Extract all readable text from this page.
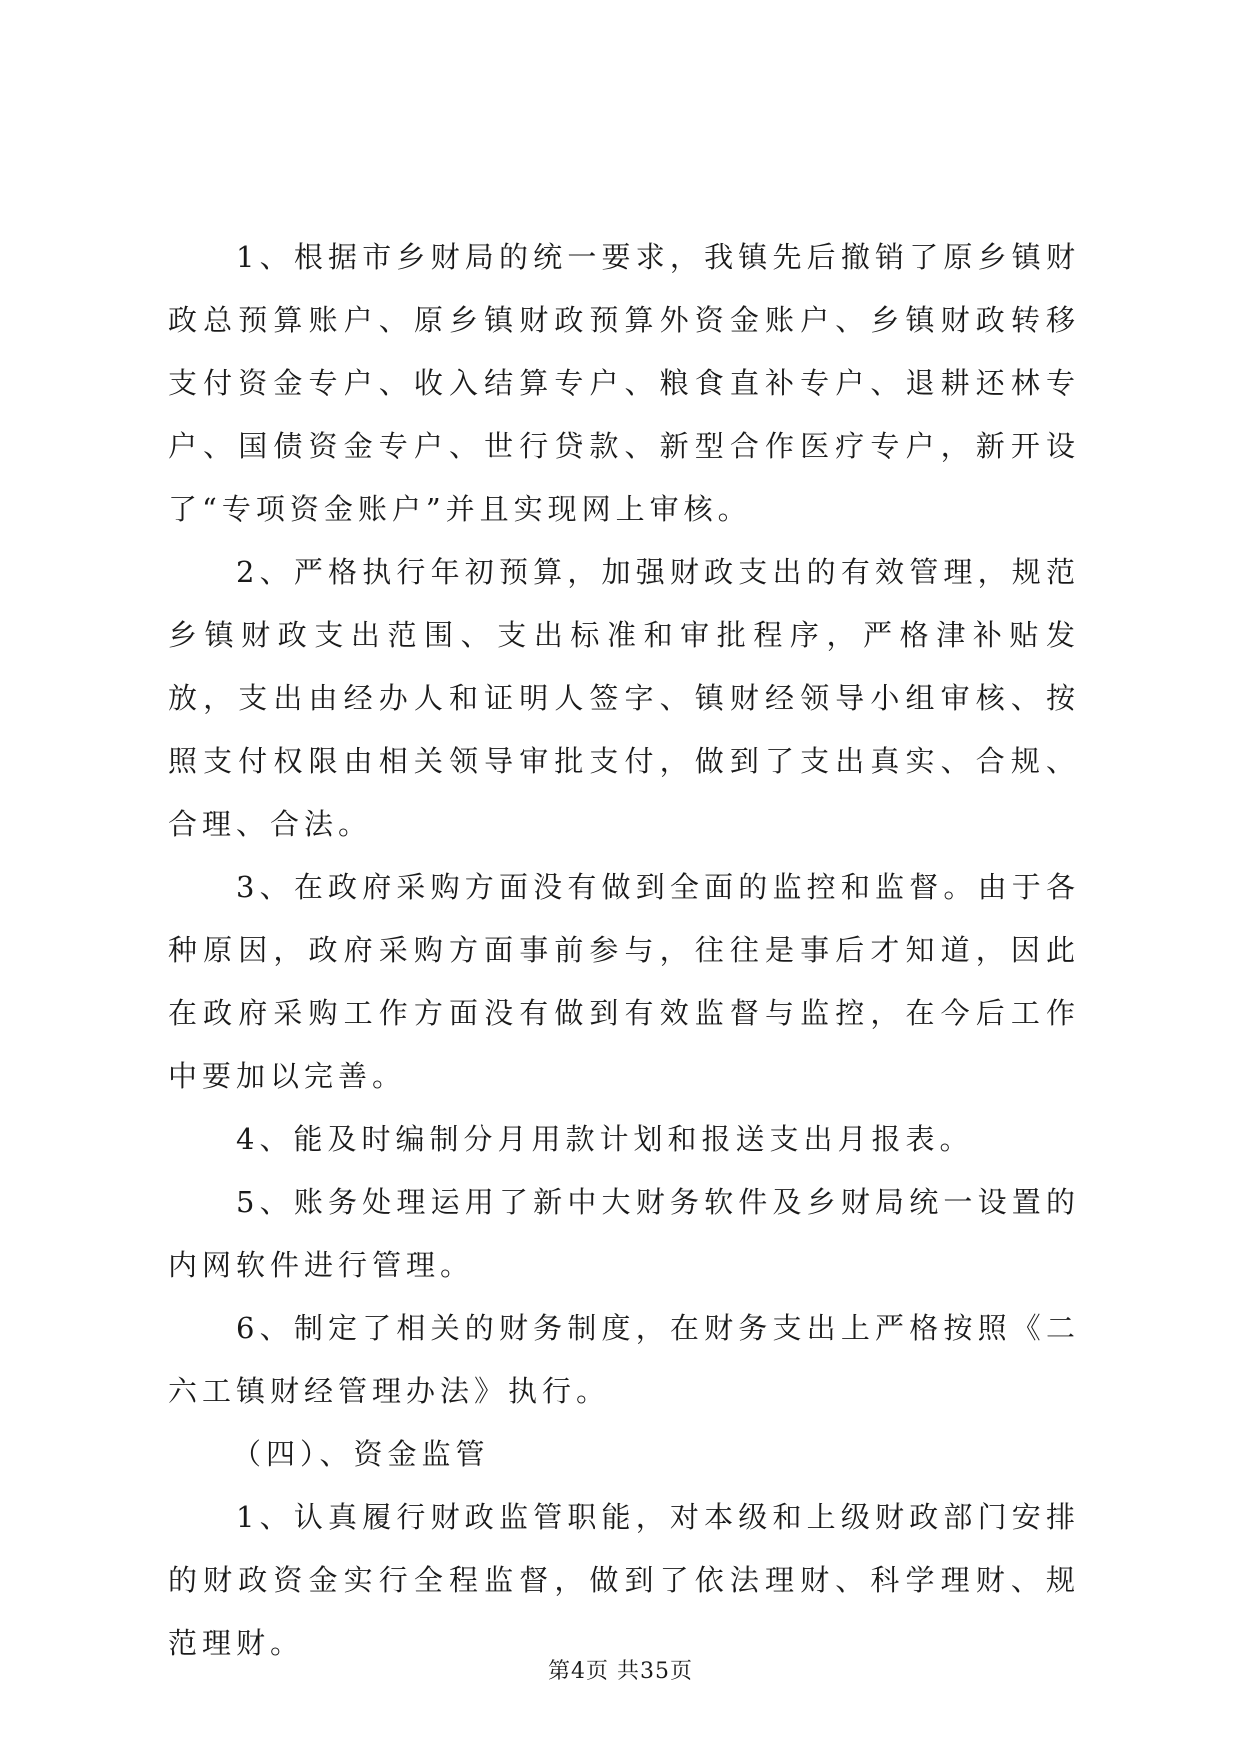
1、根据市乡财局的统一要求，我镇先后撤销了原乡镇财政总预算账户、原乡镇财政预算外资金账户、乡镇财政转移支付资金专户、收入结算专户、粮食直补专户、退耕还林专户、国债资金专户、世行贷款、新型合作医疗专户，新开设了“专项资金账户”并且实现网上审核。

2、严格执行年初预算，加强财政支出的有效管理，规范乡镇财政支出范围、支出标准和审批程序，严格津补贴发放，支出由经办人和证明人签字、镇财经领导小组审核、按照支付权限由相关领导审批支付，做到了支出真实、合规、合理、合法。

3、在政府采购方面没有做到全面的监控和监督。由于各种原因，政府采购方面事前参与，往往是事后才知道，因此在政府采购工作方面没有做到有效监督与监控，在今后工作中要加以完善。

4、能及时编制分月用款计划和报送支出月报表。

5、账务处理运用了新中大财务软件及乡财局统一设置的内网软件进行管理。

6、制定了相关的财务制度，在财务支出上严格按照《二六工镇财经管理办法》执行。

（四）、资金监管

1、认真履行财政监管职能，对本级和上级财政部门安排的财政资金实行全程监督，做到了依法理财、科学理财、规范理财。

第4页 共35页
